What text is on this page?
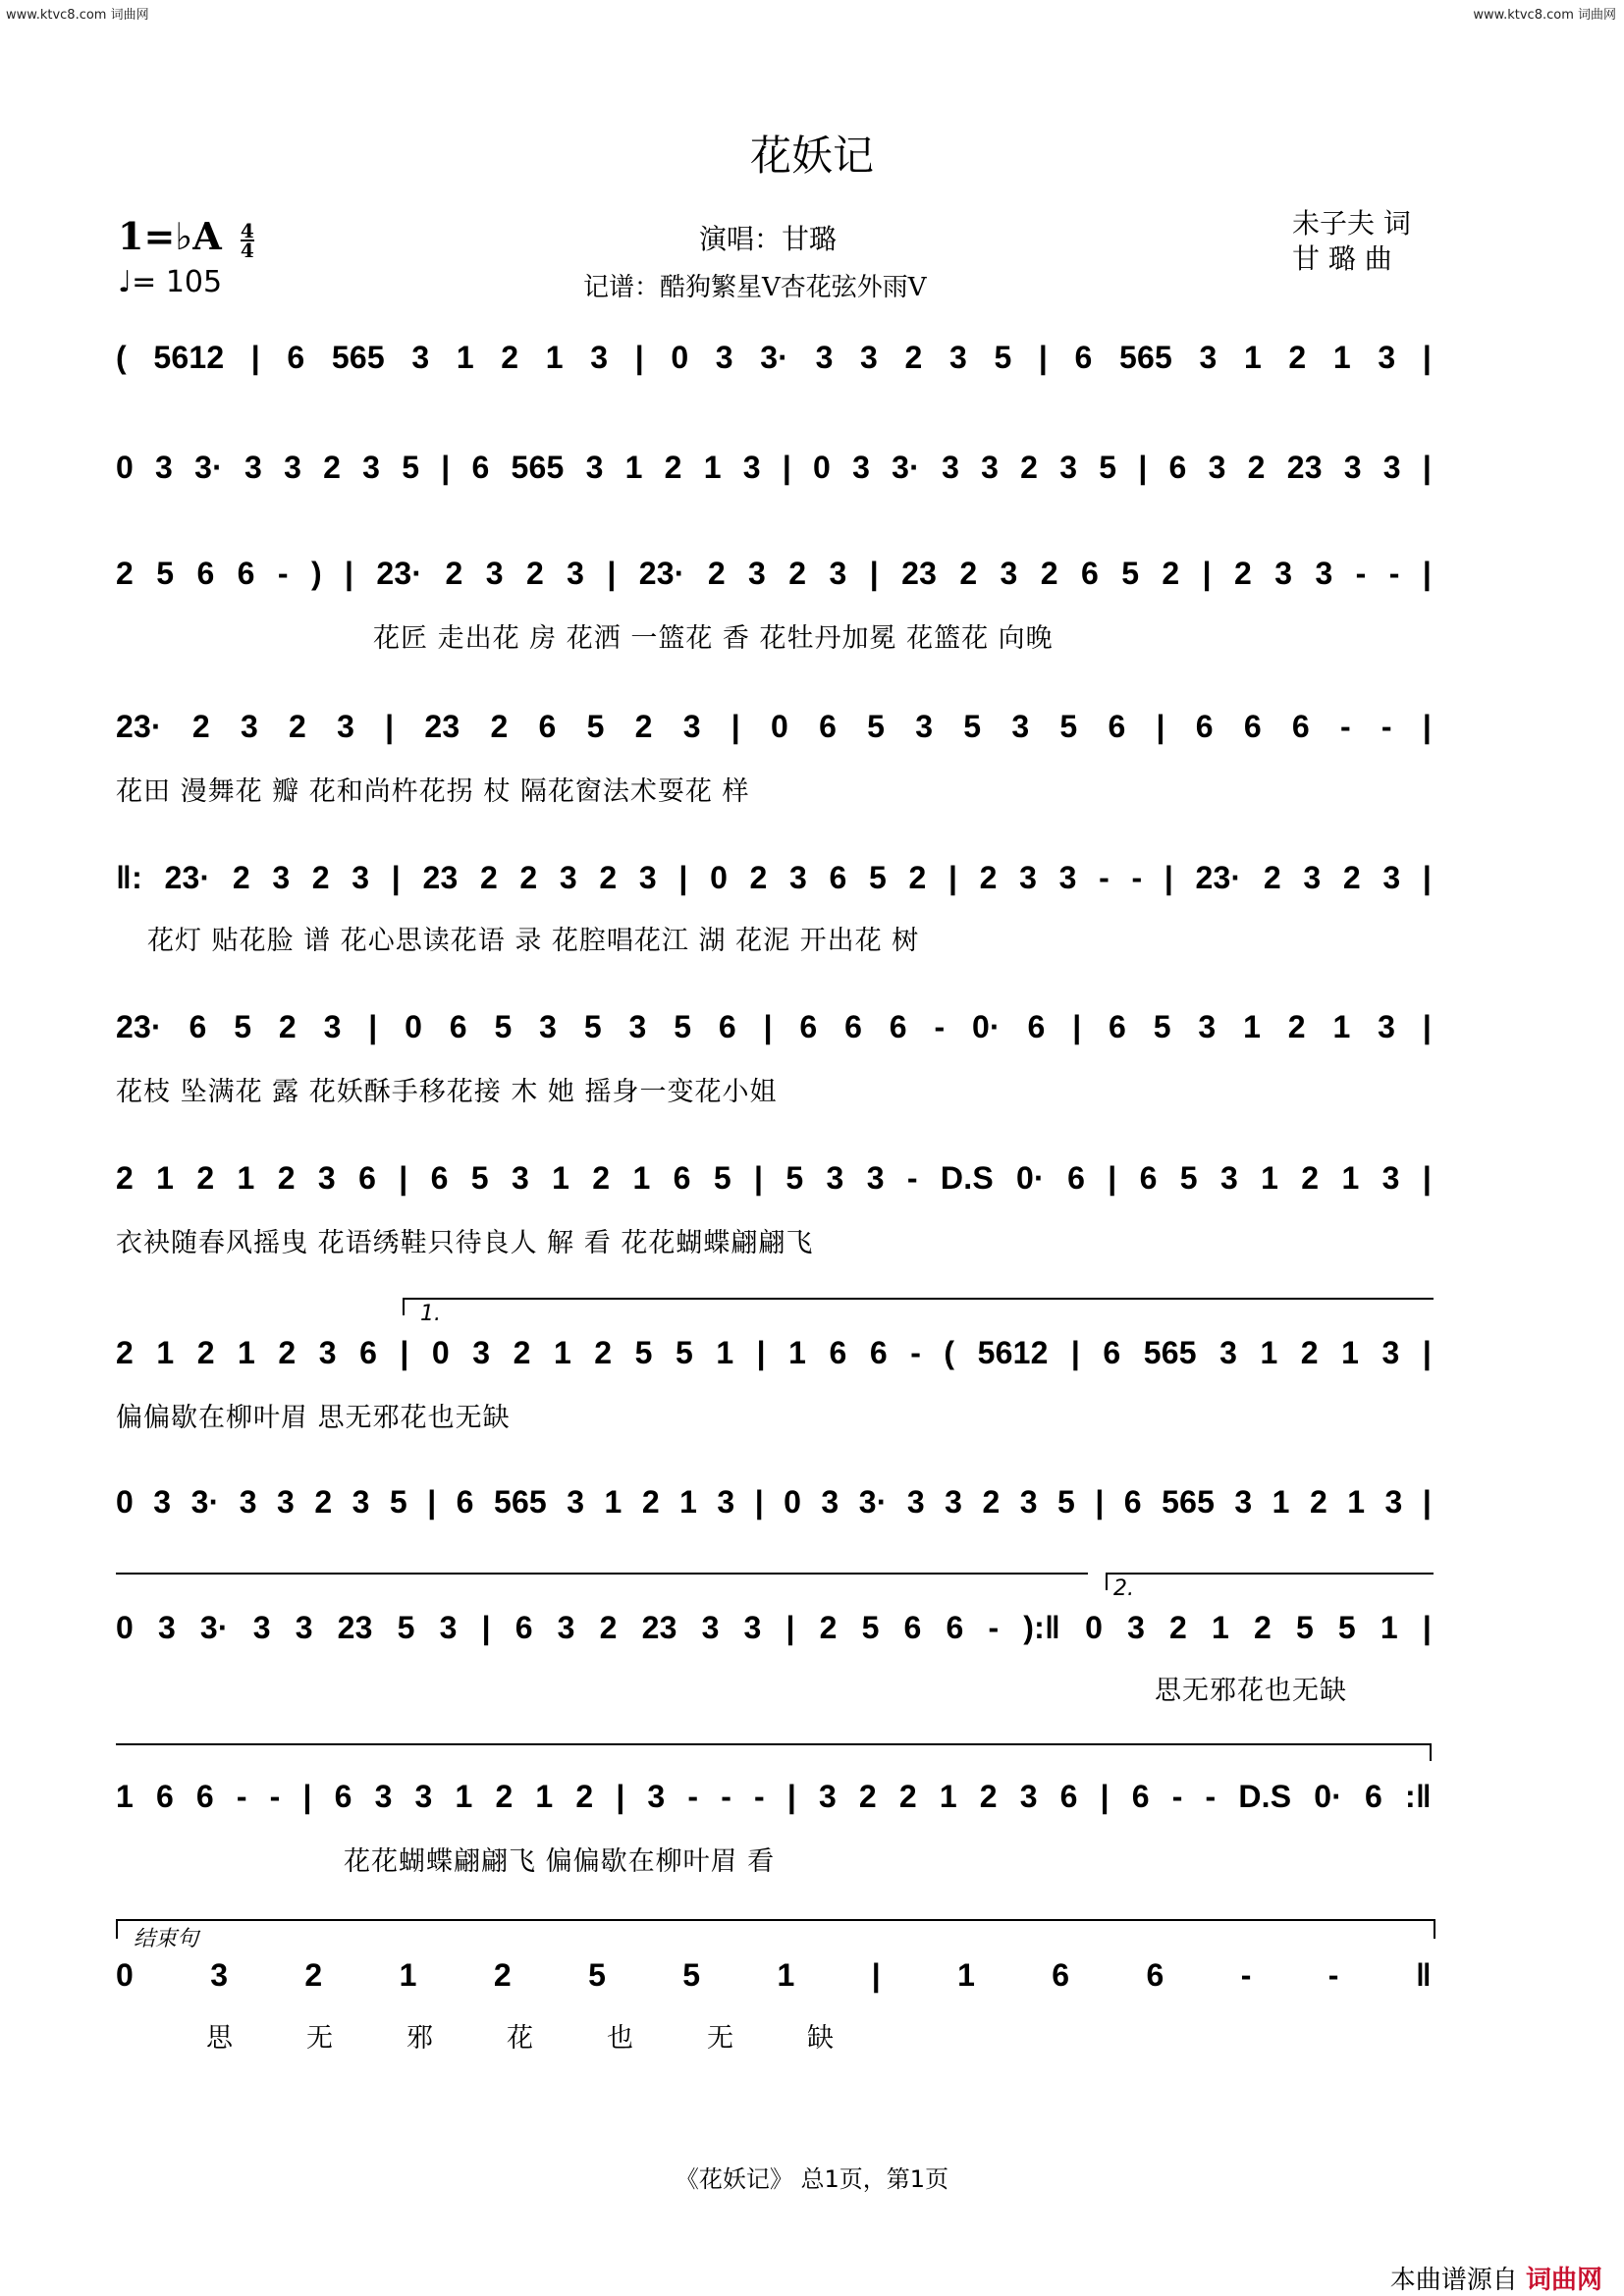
www.ktvc8.com 词曲网	www.ktvc8.com 词曲网
花妖记
1=♭A $\frac{4}{4}$
♩= 105
演唱：甘璐
记谱：酷狗繁星V杏花弦外雨V
未子夫 词
甘 璐 曲
( 5612 | 6 565 3 1 2 1 3 | 0 3 3· 3 3 2 3 5 | 6 565 3 1 2 1 3 |
0 3 3· 3 3 2 3 5 | 6 565 3 1 2 1 3 | 0 3 3· 3 3 2 3 5 | 6 3 2 23 3 3 |
2 5 6 6 - ) | 23· 2 3 2 3 | 23· 2 3 2 3 | 23 2 3 2 6 5 2 | 2 3 3 - - |
花匠 走出花 房 花洒 一篮花 香 花牡丹加冕 花篮花 向晚
23· 2 3 2 3 | 23 2 6 5 2 3 | 0 6 5 3 5 3 5 6 | 6 6 6 - - |
花田 漫舞花 瓣 花和尚杵花拐 杖 隔花窗法术耍花 样
‖: 23· 2 3 2 3 | 23 2 2 3 2 3 | 0 2 3 6 5 2 | 2 3 3 - - | 23· 2 3 2 3 |
花灯 贴花脸 谱 花心思读花语 录 花腔唱花江 湖 花泥 开出花 树
23· 6 5 2 3 | 0 6 5 3 5 3 5 6 | 6 6 6 - 0· 6 | 6 5 3 1 2 1 3 |
花枝 坠满花 露 花妖酥手移花接 木 她 摇身一变花小姐
2 1 2 1 2 3 6 | 6 5 3 1 2 1 6 5 | 5 3 3 - D.S 0· 6 | 6 5 3 1 2 1 3 |
衣袂随春风摇曳 花语绣鞋只待良人 解 看 花花蝴蝶翩翩飞
1.
2 1 2 1 2 3 6 | 0 3 2 1 2 5 5 1 | 1 6 6 - ( 5612 | 6 565 3 1 2 1 3 |
偏偏歇在柳叶眉 思无邪花也无缺
0 3 3· 3 3 2 3 5 | 6 565 3 1 2 1 3 | 0 3 3· 3 3 2 3 5 | 6 565 3 1 2 1 3 |
2.
0 3 3· 3 3 23 5 3 | 6 3 2 23 3 3 | 2 5 6 6 - ):‖ 0 3 2 1 2 5 5 1 |
思无邪花也无缺
1 6 6 - - | 6 3 3 1 2 1 2 | 3 - - - | 3 2 2 1 2 3 6 | 6 - - D.S 0· 6 :‖
花花蝴蝶翩翩飞 偏偏歇在柳叶眉 看
结束句
0 3 2 1 2 5 5 1 | 1 6 6 - - ‖
思 无 邪 花 也 无 缺
《花妖记》 总1页，第1页
本曲谱源自 词曲网
